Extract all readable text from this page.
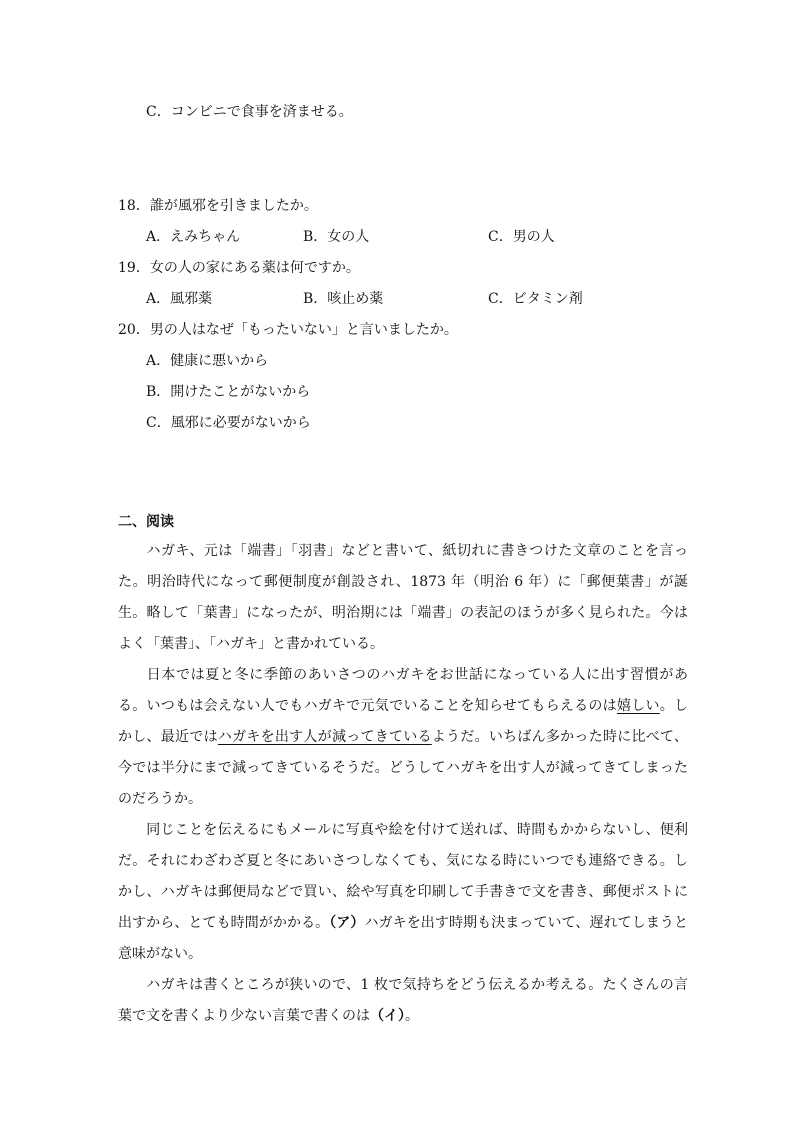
C．コンビニで食事を済ませる。
18．誰が風邪を引きましたか。
A．えみちゃん	B．女の人	C．男の人
19．女の人の家にある薬は何ですか。
A．風邪薬	B．咳止め薬	C．ビタミン剤
20．男の人はなぜ「もったいない」と言いましたか。
A．健康に悪いから
B．開けたことがないから
C．風邪に必要がないから
二、阅读
ハガキ、元は「端書」「羽書」などと書いて、紙切れに書きつけた文章のことを言った。明治時代になって郵便制度が創設され、1873 年（明治 6 年）に「郵便葉書」が誕生。略して「葉書」になったが、明治期には「端書」の表記のほうが多く見られた。今はよく「葉書」、「ハガキ」と書かれている。
日本では夏と冬に季節のあいさつのハガキをお世話になっている人に出す習慣がある。いつもは会えない人でもハガキで元気でいることを知らせてもらえるのは嬉しい。しかし、最近ではハガキを出す人が減ってきているようだ。いちばん多かった時に比べて、今では半分にまで減ってきているそうだ。どうしてハガキを出す人が減ってきてしまったのだろうか。
同じことを伝えるにもメールに写真や絵を付けて送れば、時間もかからないし、便利だ。それにわざわざ夏と冬にあいさつしなくても、気になる時にいつでも連絡できる。しかし、ハガキは郵便局などで買い、絵や写真を印刷して手書きで文を書き、郵便ポストに出すから、とても時間がかかる。（ア）ハガキを出す時期も決まっていて、遅れてしまうと意味がない。
ハガキは書くところが狭いので、1 枚で気持ちをどう伝えるか考える。たくさんの言葉で文を書くより少ない言葉で書くのは（イ）。
